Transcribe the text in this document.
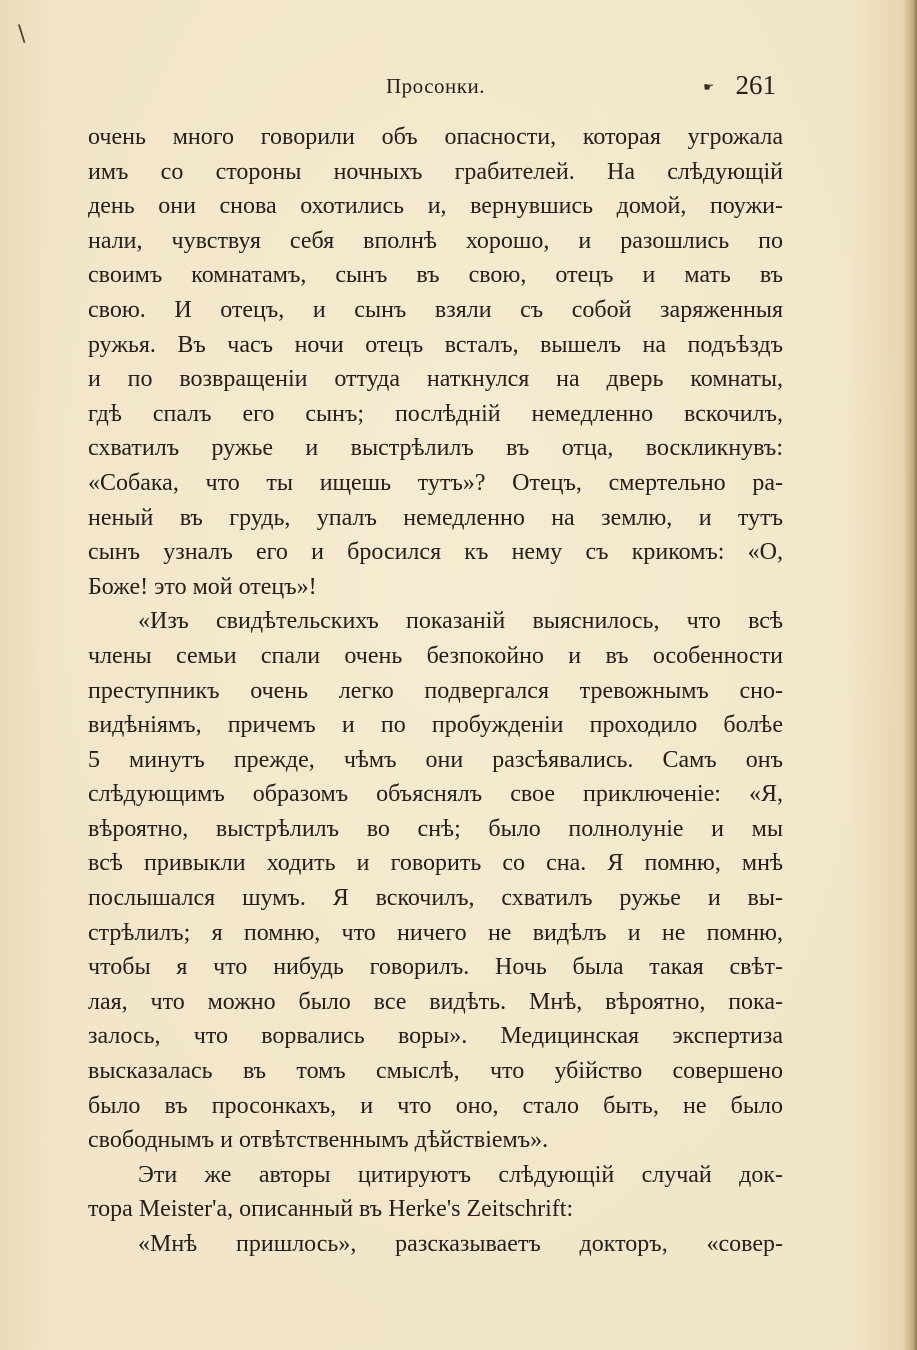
\
Просонки.	☛ 261
очень много говорили объ опасности, которая угрожала
имъ со стороны ночныхъ грабителей. На слѣдующій
день они снова охотились и, вернувшись домой, поужи-
нали, чувствуя себя вполнѣ хорошо, и разошлись по
своимъ комнатамъ, сынъ въ свою, отецъ и мать въ
свою. И отецъ, и сынъ взяли съ собой заряженныя
ружья. Въ часъ ночи отецъ всталъ, вышелъ на подъѣздъ
и по возвращеніи оттуда наткнулся на дверь комнаты,
гдѣ спалъ его сынъ; послѣдній немедленно вскочилъ,
схватилъ ружье и выстрѣлилъ въ отца, воскликнувъ:
«Собака, что ты ищешь тутъ»? Отецъ, смертельно ра-
неный въ грудь, упалъ немедленно на землю, и тутъ
сынъ узналъ его и бросился къ нему съ крикомъ: «О,
Боже! это мой отецъ»!
«Изъ свидѣтельскихъ показаній выяснилось, что всѣ
члены семьи спали очень безпокойно и въ особенности
преступникъ очень легко подвергался тревожнымъ сно-
видѣніямъ, причемъ и по пробужденіи проходило болѣе
5 минутъ прежде, чѣмъ они разсѣявались. Самъ онъ
слѣдующимъ образомъ объяснялъ свое приключеніе: «Я,
вѣроятно, выстрѣлилъ во снѣ; было полнолуніе и мы
всѣ привыкли ходить и говорить со сна. Я помню, мнѣ
послышался шумъ. Я вскочилъ, схватилъ ружье и вы-
стрѣлилъ; я помню, что ничего не видѣлъ и не помню,
чтобы я что нибудь говорилъ. Ночь была такая свѣт-
лая, что можно было все видѣть. Мнѣ, вѣроятно, пока-
залось, что ворвались воры». Медицинская экспертиза
высказалась въ томъ смыслѣ, что убійство совершено
было въ просонкахъ, и что оно, стало быть, не было
свободнымъ и отвѣтственнымъ дѣйствіемъ».
Эти же авторы цитируютъ слѣдующій случай док-
тора Meister'а, описанный въ Herke's Zeitschrift:
«Мнѣ пришлось», разсказываетъ докторъ, «совер-
